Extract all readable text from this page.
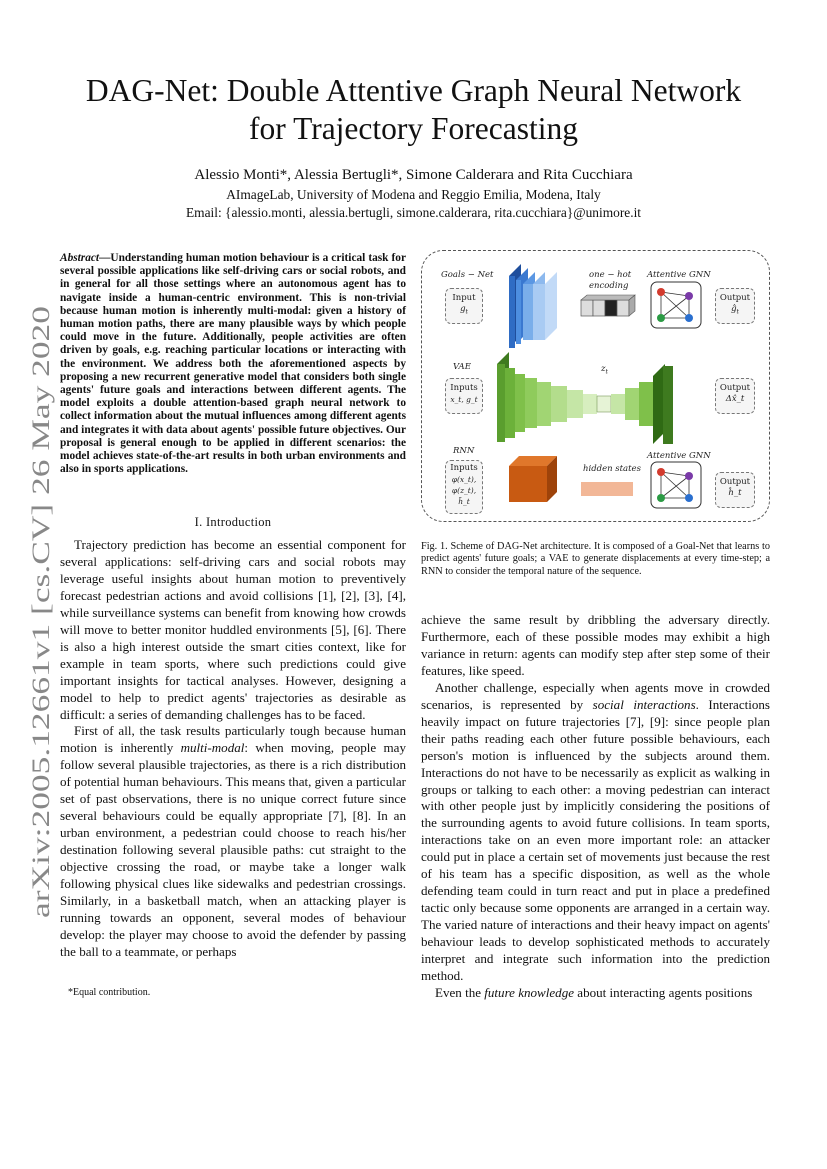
arXiv:2005.12661v1 [cs.CV] 26 May 2020
DAG-Net: Double Attentive Graph Neural Network
for Trajectory Forecasting
Alessio Monti*, Alessia Bertugli*, Simone Calderara and Rita Cucchiara
AImageLab, University of Modena and Reggio Emilia, Modena, Italy
Email: {alessio.monti, alessia.bertugli, simone.calderara, rita.cucchiara}@unimore.it
Abstract—Understanding human motion behaviour is a critical task for several possible applications like self-driving cars or social robots, and in general for all those settings where an autonomous agent has to navigate inside a human-centric environment. This is non-trivial because human motion is inherently multi-modal: given a history of human motion paths, there are many plausible ways by which people could move in the future. Additionally, people activities are often driven by goals, e.g. reaching particular locations or interacting with the environment. We address both the aforementioned aspects by proposing a new recurrent generative model that considers both single agents' future goals and interactions between different agents. The model exploits a double attention-based graph neural network to collect information about the mutual influences among different agents and integrates it with data about agents' possible future objectives. Our proposal is general enough to be applied in different scenarios: the model achieves state-of-the-art results in both urban environments and also in sports applications.
I. Introduction

Trajectory prediction has become an essential component for several applications: self-driving cars and social robots may leverage useful insights about human motion to preventively forecast pedestrian actions and avoid collisions [1], [2], [3], [4], while surveillance systems can benefit from knowing how crowds will move to better monitor huddled environments [5], [6]. There is also a high interest outside the smart cities context, like for example in team sports, where such predictions could give important insights for tactical analyses. However, designing a model to help to predict agents' trajectories as desirable as difficult: a series of demanding challenges has to be faced.

First of all, the task results particularly tough because human motion is inherently multi-modal: when moving, people may follow several plausible trajectories, as there is a rich distribution of potential human behaviours. This means that, given a particular set of past observations, there is no unique correct future since several behaviours could be equally appropriate [7], [8]. In an urban environment, a pedestrian could choose to reach his/her destination following several plausible paths: cut straight to the objective crossing the road, or maybe take a longer walk following physical clues like sidewalks and pedestrian crossings. Similarly, in a basketball match, when an attacking player is running towards an opponent, several modes of behaviour develop: the player may choose to avoid the defender by passing the ball to a teammate, or perhaps

*Equal contribution.
Goals − Net	one − hot
encoding
Attentive GNN
VAE	$z_t$
RNN	Attentive GNN
hidden states
Input
$g_t$
Output
$ĝ_t$
Inputs
x_t, g_t
Output
Δx̂_t
Inputs
φ(x_t),
φ(z_t),
h̃_t
Output
ĥ_t
Fig. 1. Scheme of DAG-Net architecture. It is composed of a Goal-Net that learns to predict agents' future goals; a VAE to generate displacements at every time-step; a RNN to consider the temporal nature of the sequence.

achieve the same result by dribbling the adversary directly. Furthermore, each of these possible modes may exhibit a high variance in return: agents can modify step after step some of their features, like speed.

Another challenge, especially when agents move in crowded scenarios, is represented by social interactions. Interactions heavily impact on future trajectories [7], [9]: since people plan their paths reading each other future possible behaviours, each person's motion is influenced by the subjects around them. Interactions do not have to be necessarily as explicit as walking in groups or talking to each other: a moving pedestrian can interact with other people just by implicitly considering the positions of the surrounding agents to avoid future collisions. In team sports, interactions take on an even more important role: an attacker could put in place a certain set of movements just because the rest of his team has a specific disposition, as well as the whole defending team could in turn react and put in place a predefined tactic only because some opponents are arranged in a certain way. The varied nature of interactions and their heavy impact on agents' behaviour leads to develop sophisticated methods to accurately interpret and integrate such information into the prediction method.

Even the future knowledge about interacting agents positions
